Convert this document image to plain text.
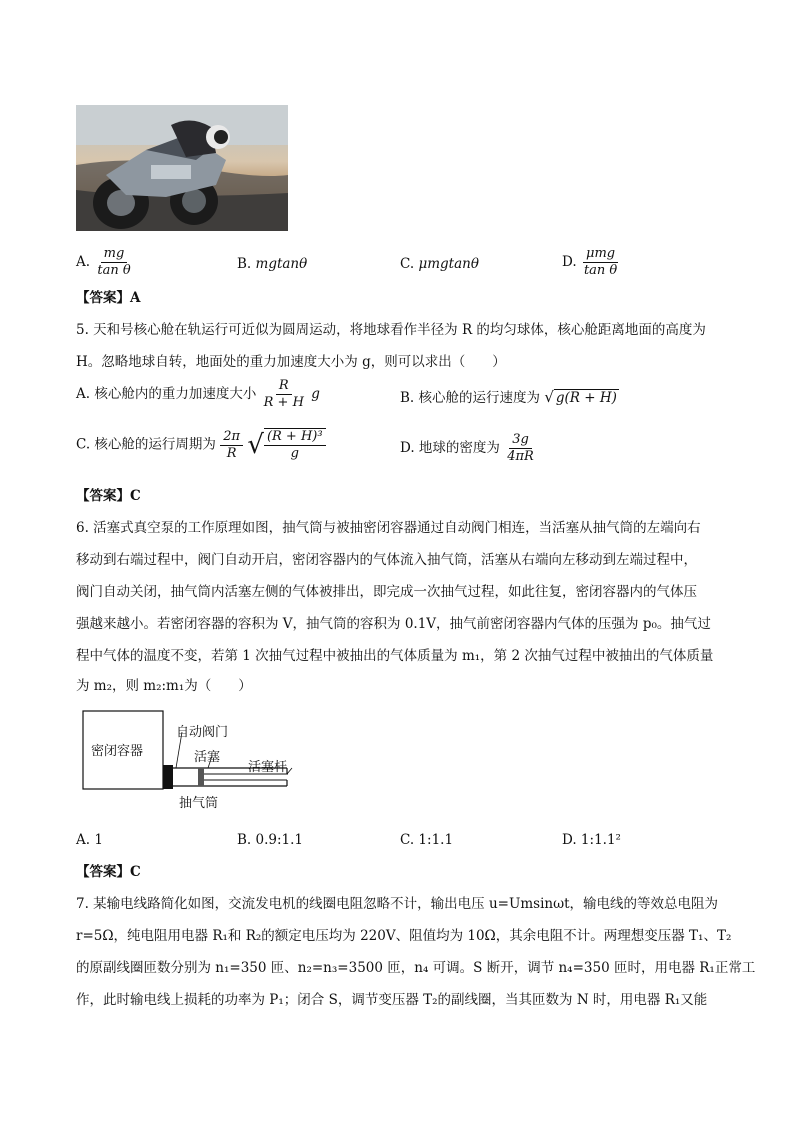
A. $\frac{mg}{\text{tan θ}}$	B. mgtanθ	C. μmgtanθ	D. $\frac{\text{μmg}}{\text{tan θ}}$
【答案】A
5. 天和号核心舱在轨运行可近似为圆周运动，将地球看作半径为 R 的均匀球体，核心舱距离地面的高度为
H。忽略地球自转，地面处的重力加速度大小为 g，则可以求出（　　）
A. 核心舱内的重力加速度大小 $\frac{R}{R + H}$ g	B. 核心舱的运行速度为 √ g(R + H)
C. 核心舱的运行周期为 $\frac{2\pi}{R}$ √ $\frac{\text{(R + H)³}}{g}$	D. 地球的密度为 $\frac{3g}{4\pi R}$
【答案】C
6. 活塞式真空泵的工作原理如图，抽气筒与被抽密闭容器通过自动阀门相连，当活塞从抽气筒的左端向右
移动到右端过程中，阀门自动开启，密闭容器内的气体流入抽气筒，活塞从右端向左移动到左端过程中，
阀门自动关闭，抽气筒内活塞左侧的气体被排出，即完成一次抽气过程，如此往复，密闭容器内的气体压
强越来越小。若密闭容器的容积为 V，抽气筒的容积为 0.1V，抽气前密闭容器内气体的压强为 p₀。抽气过
程中气体的温度不变，若第 1 次抽气过程中被抽出的气体质量为 m₁，第 2 次抽气过程中被抽出的气体质量
为 m₂，则 m₂:m₁为（　　）
密闭容器
自动阀门
活塞
活塞杆
抽气筒
A. 1	B. 0.9:1.1	C. 1:1.1	D. 1:1.1²
【答案】C
7. 某输电线路简化如图，交流发电机的线圈电阻忽略不计，输出电压 u=Umsinωt，输电线的等效总电阻为
r=5Ω，纯电阻用电器 R₁和 R₂的额定电压均为 220V、阻值均为 10Ω，其余电阻不计。两理想变压器 T₁、T₂
的原副线圈匝数分别为 n₁=350 匝、n₂=n₃=3500 匝，n₄ 可调。S 断开，调节 n₄=350 匝时，用电器 R₁正常工
作，此时输电线上损耗的功率为 P₁；闭合 S，调节变压器 T₂的副线圈，当其匝数为 N 时，用电器 R₁又能
